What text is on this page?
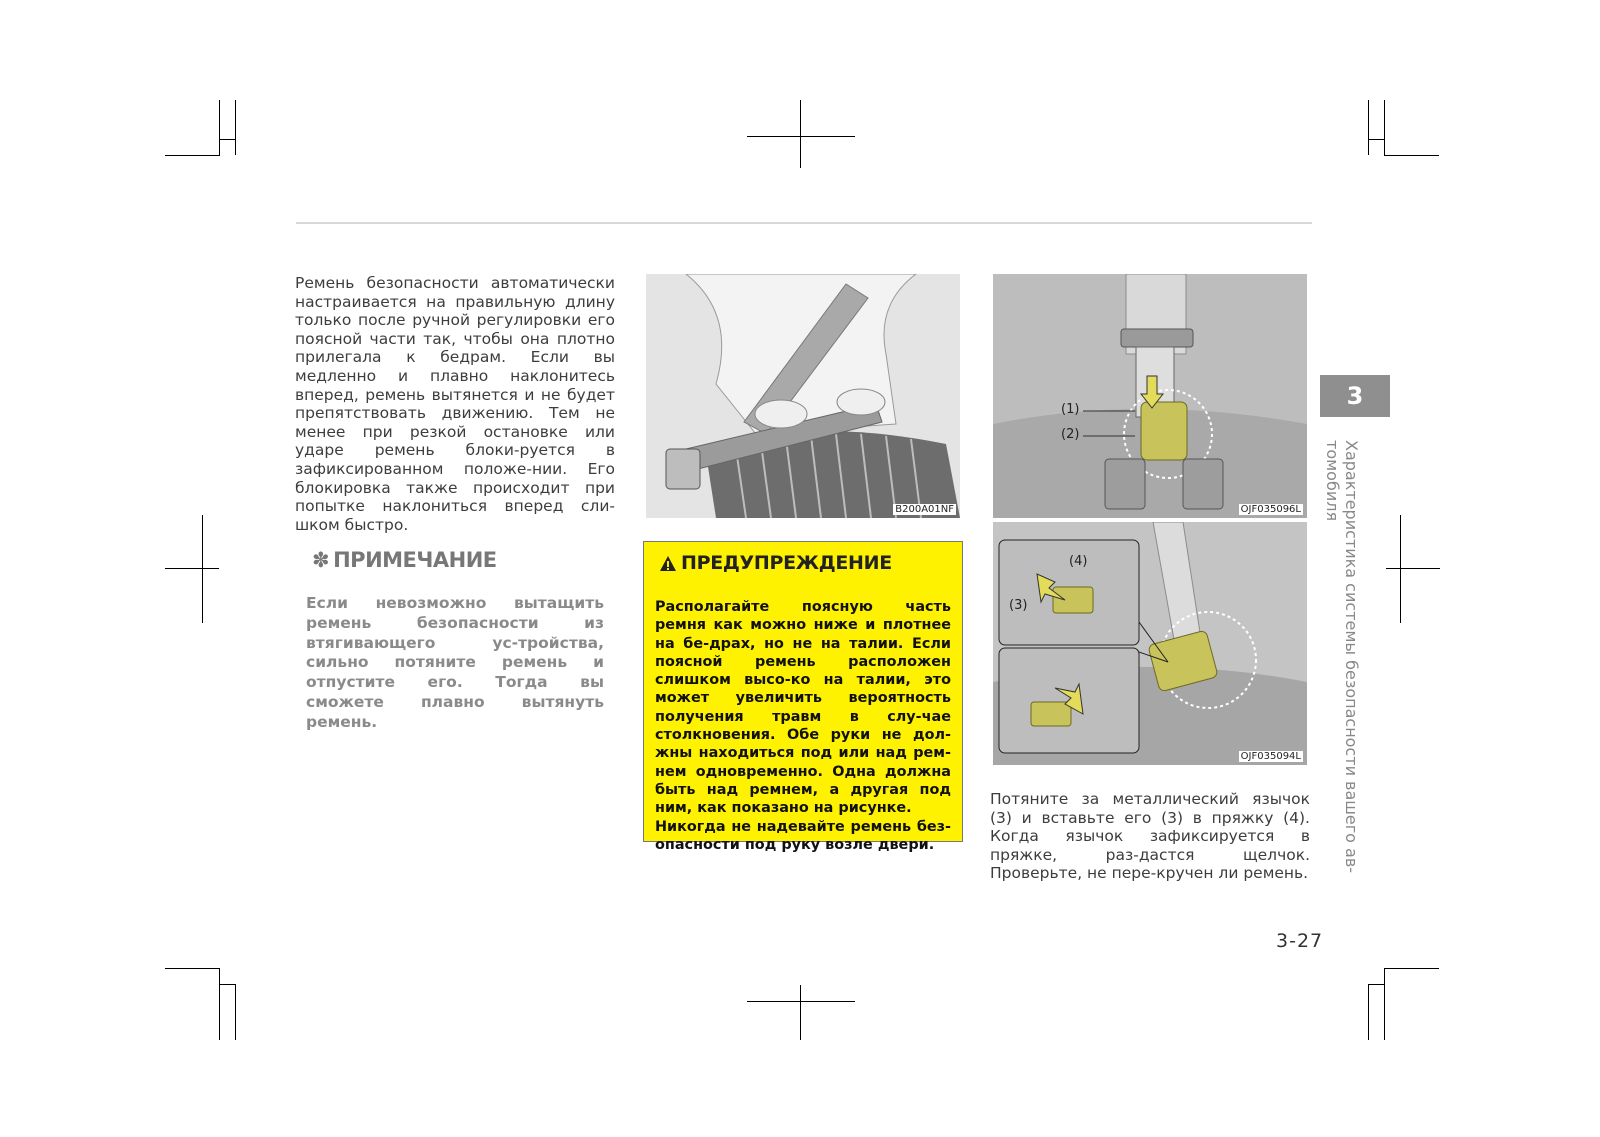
Ремень безопасности автоматически настраивается на правильную длину только после ручной регулировки его поясной части так, чтобы она плотно прилегала к бедрам. Если вы медленно и плавно наклонитесь вперед, ремень вытянется и не будет препятствовать движению. Тем не менее при резкой остановке или ударе ремень блоки-руется в зафиксированном положе-нии. Его блокировка также происходит при попытке наклониться вперед сли-шком быстро.
✽ ПРИМЕЧАНИЕ
Если невозможно вытащить ремень безопасности из втягивающего ус-тройства, сильно потяните ремень и отпустите его. Тогда вы сможете плавно вытянуть ремень.
B200A01NF
ПРЕДУПРЕЖДЕНИЕ

Располагайте поясную часть ремня как можно ниже и плотнее на бе-драх, но не на талии. Если поясной ремень расположен слишком высо-ко на талии, это может увеличить вероятность получения травм в слу-чае столкновения. Обе руки не дол-жны находиться под или над рем-нем одновременно. Одна должна быть над ремнем, а другая под ним, как показано на рисунке.

Никогда не надевайте ремень без-опасности под руку возле двери.

(1)
(2)
OJF035096L
(4)
(3)
OJF035094L
Потяните за металлический язычок (3) и вставьте его (3) в пряжку (4). Когда язычок зафиксируется в пряжке, раз-дастся щелчок. Проверьте, не пере-кручен ли ремень.
3
Характеристика системы безопасности вашего ав-томобиля
3-27
